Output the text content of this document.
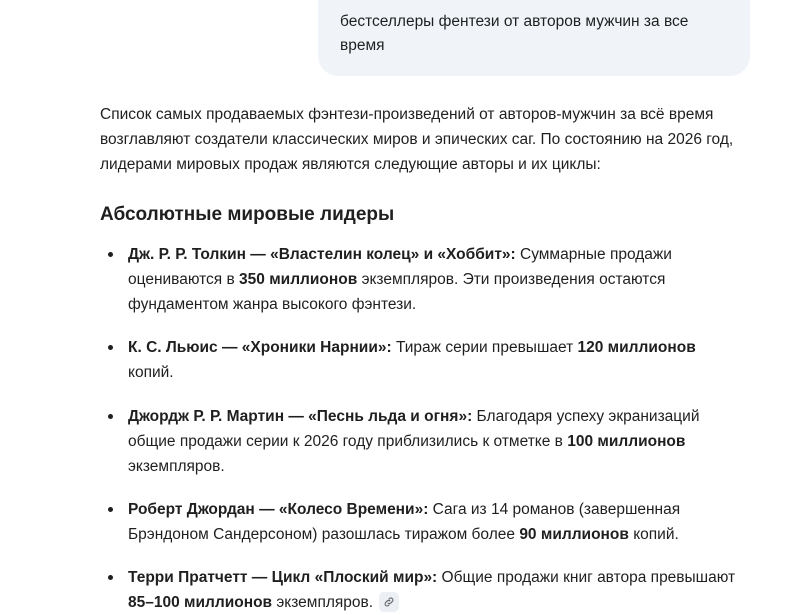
бестселлеры фентези от авторов мужчин за все время

Список самых продаваемых фэнтези-произведений от авторов-мужчин за всё время возглавляют создатели классических миров и эпических саг. По состоянию на 2026 год, лидерами мировых продаж являются следующие авторы и их циклы:

Абсолютные мировые лидеры
Дж. Р. Р. Толкин — «Властелин колец» и «Хоббит»: Суммарные продажи оцениваются в 350 миллионов экземпляров. Эти произведения остаются фундаментом жанра высокого фэнтези.
К. С. Льюис — «Хроники Нарнии»: Тираж серии превышает 120 миллионов копий.
Джордж Р. Р. Мартин — «Песнь льда и огня»: Благодаря успеху экранизаций общие продажи серии к 2026 году приблизились к отметке в 100 миллионов экземпляров.
Роберт Джордан — «Колесо Времени»: Сага из 14 романов (завершенная Брэндоном Сандерсоном) разошлась тиражом более 90 миллионов копий.
Терри Пратчетт — Цикл «Плоский мир»: Общие продажи книг автора превышают 85–100 миллионов экземпляров.
